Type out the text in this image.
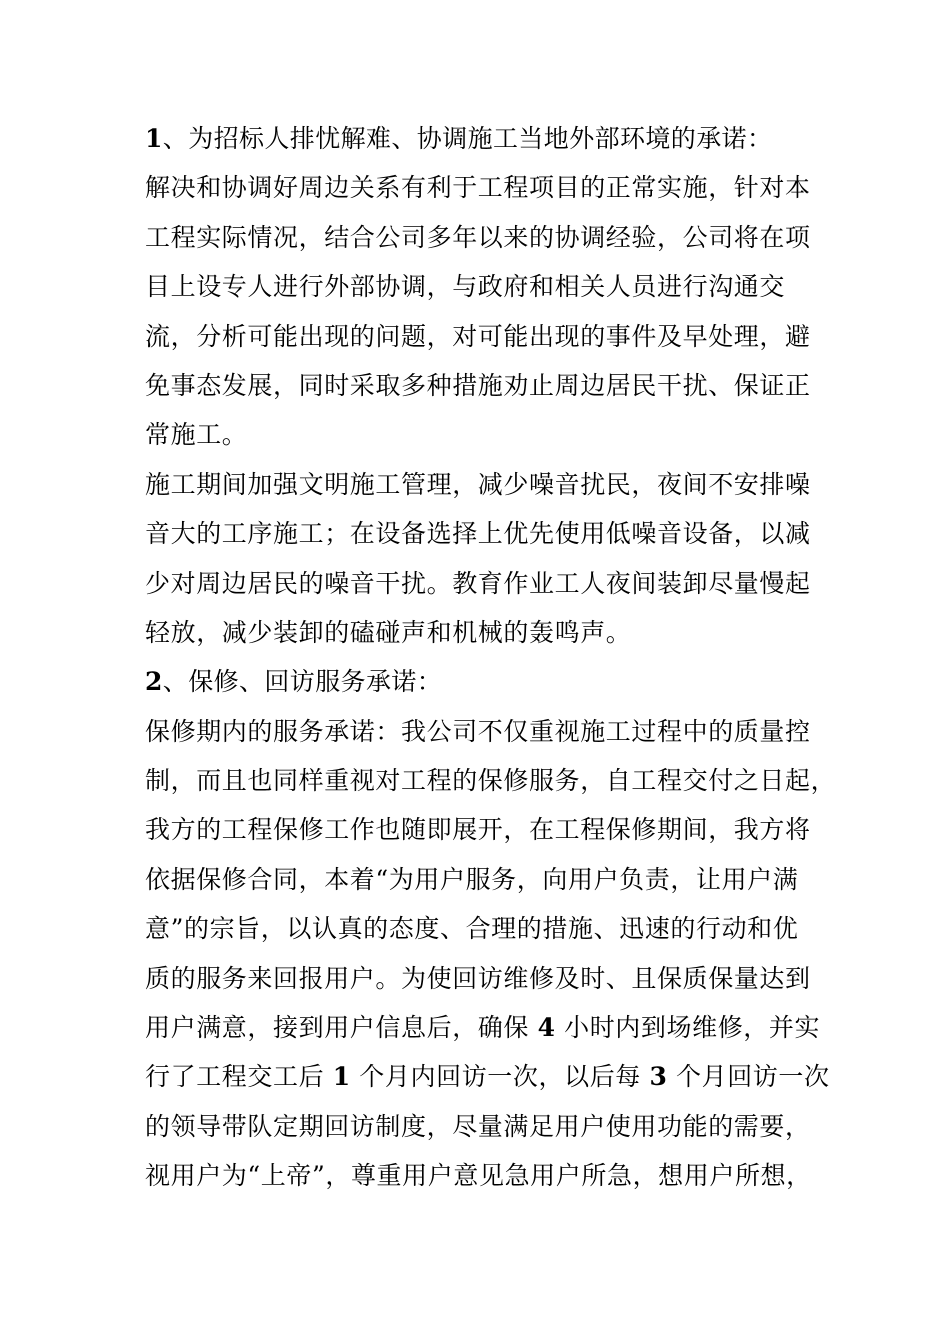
1、为招标人排忧解难、协调施工当地外部环境的承诺：
解决和协调好周边关系有利于工程项目的正常实施，针对本
工程实际情况，结合公司多年以来的协调经验，公司将在项
目上设专人进行外部协调，与政府和相关人员进行沟通交
流，分析可能出现的问题，对可能出现的事件及早处理，避
免事态发展，同时采取多种措施劝止周边居民干扰、保证正
常施工。
施工期间加强文明施工管理，减少噪音扰民，夜间不安排噪
音大的工序施工；在设备选择上优先使用低噪音设备，以减
少对周边居民的噪音干扰。教育作业工人夜间装卸尽量慢起
轻放，减少装卸的磕碰声和机械的轰鸣声。
2、保修、回访服务承诺：
保修期内的服务承诺：我公司不仅重视施工过程中的质量控
制，而且也同样重视对工程的保修服务，自工程交付之日起，
我方的工程保修工作也随即展开，在工程保修期间，我方将
依据保修合同，本着“为用户服务，向用户负责，让用户满
意”的宗旨，以认真的态度、合理的措施、迅速的行动和优
质的服务来回报用户。为使回访维修及时、且保质保量达到
用户满意，接到用户信息后，确保 4 小时内到场维修，并实
行了工程交工后 1 个月内回访一次，以后每 3 个月回访一次
的领导带队定期回访制度，尽量满足用户使用功能的需要，
视用户为“上帝”，尊重用户意见急用户所急，想用户所想，
